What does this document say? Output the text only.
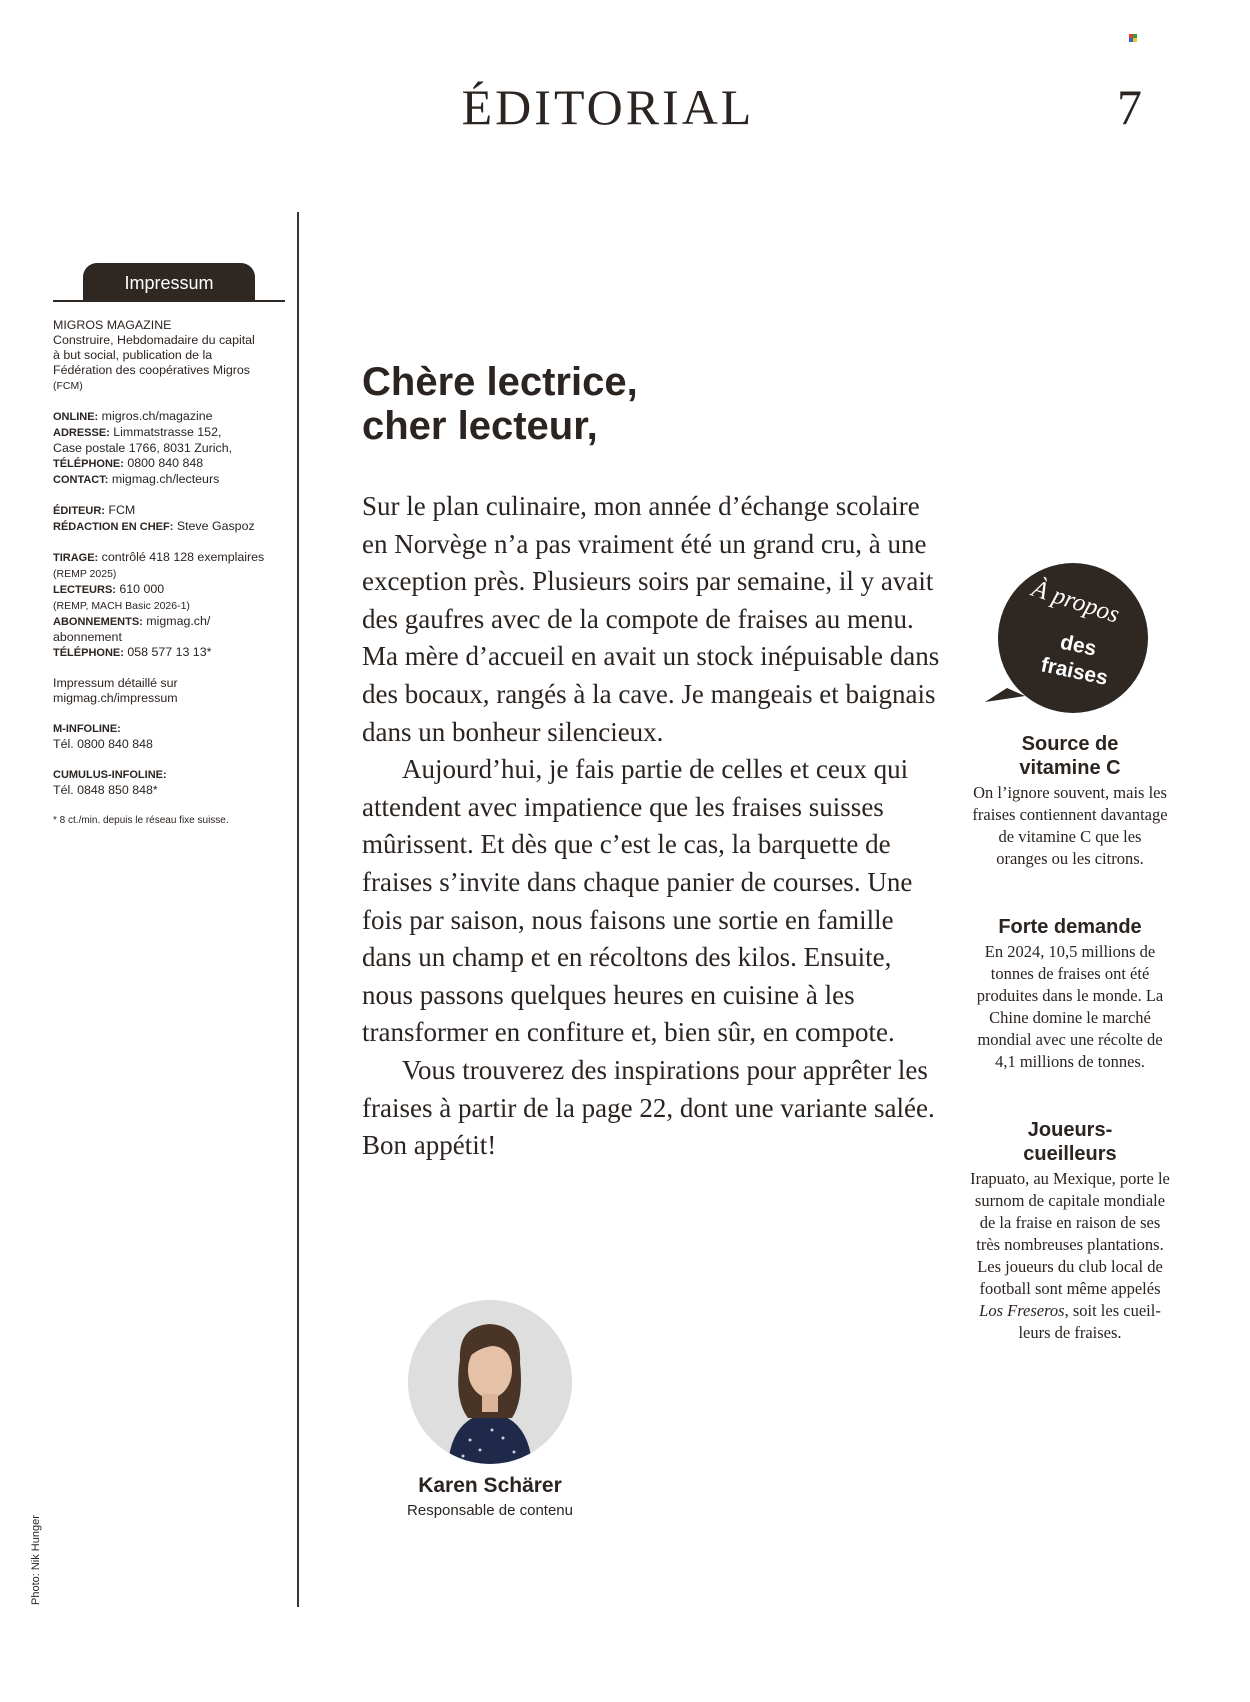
ÉDITORIAL	7
Impressum

MIGROS MAGAZINE
Construire, Hebdomadaire du capital
à but social, publication de la
Fédération des coopératives Migros
(FCM)

ONLINE: migros.ch/magazine
ADRESSE: Limmatstrasse 152,
Case postale 1766, 8031 Zurich,
TÉLÉPHONE: 0800 840 848
CONTACT: migmag.ch/lecteurs

ÉDITEUR: FCM
RÉDACTION EN CHEF: Steve Gaspoz

TIRAGE: contrôlé 418 128 exemplaires
(REMP 2025)
LECTEURS: 610 000
(REMP, MACH Basic 2026-1)
ABONNEMENTS: migmag.ch/
abonnement
TÉLÉPHONE: 058 577 13 13*

Impressum détaillé sur
migmag.ch/impressum

M-INFOLINE:
Tél. 0800 840 848

CUMULUS-INFOLINE:
Tél. 0848 850 848*

* 8 ct./min. depuis le réseau fixe suisse.

Chère lectrice,
cher lecteur,

Sur le plan culinaire, mon année d’échange scolaire en Norvège n’a pas vraiment été un grand cru, à une exception près. Plusieurs soirs par semaine, il y avait des gaufres avec de la compote de fraises au menu. Ma mère d’accueil en avait un stock inépuisable dans des bocaux, rangés à la cave. Je mangeais et baignais dans un bonheur silencieux.

Aujourd’hui, je fais partie de celles et ceux qui attendent avec impatience que les fraises suisses mûrissent. Et dès que c’est le cas, la barquette de fraises s’invite dans chaque panier de courses. Une fois par saison, nous faisons une sortie en famille dans un champ et en récoltons des kilos. Ensuite, nous passons quelques heures en cuisine à les transformer en confiture et, bien sûr, en compote.

Vous trouverez des inspirations pour apprêter les fraises à partir de la page 22, dont une variante salée. Bon appétit!

Karen Schärer
Responsable de contenu
Photo: Nik Hunger
À propos
des
fraises
Source de vitamine C

On l’ignore souvent, mais les fraises contiennent davantage de vitamine C que les oranges ou les citrons.

Forte demande

En 2024, 10,5 millions de tonnes de fraises ont été produites dans le monde. La Chine domine le marché mondial avec une récolte de 4,1 millions de tonnes.

Joueurs-cueilleurs

Irapuato, au Mexique, porte le surnom de capitale mondiale de la fraise en raison de ses très nombreuses plantations. Les joueurs du club local de football sont même appelés Los Freseros, soit les cueilleurs de fraises.
